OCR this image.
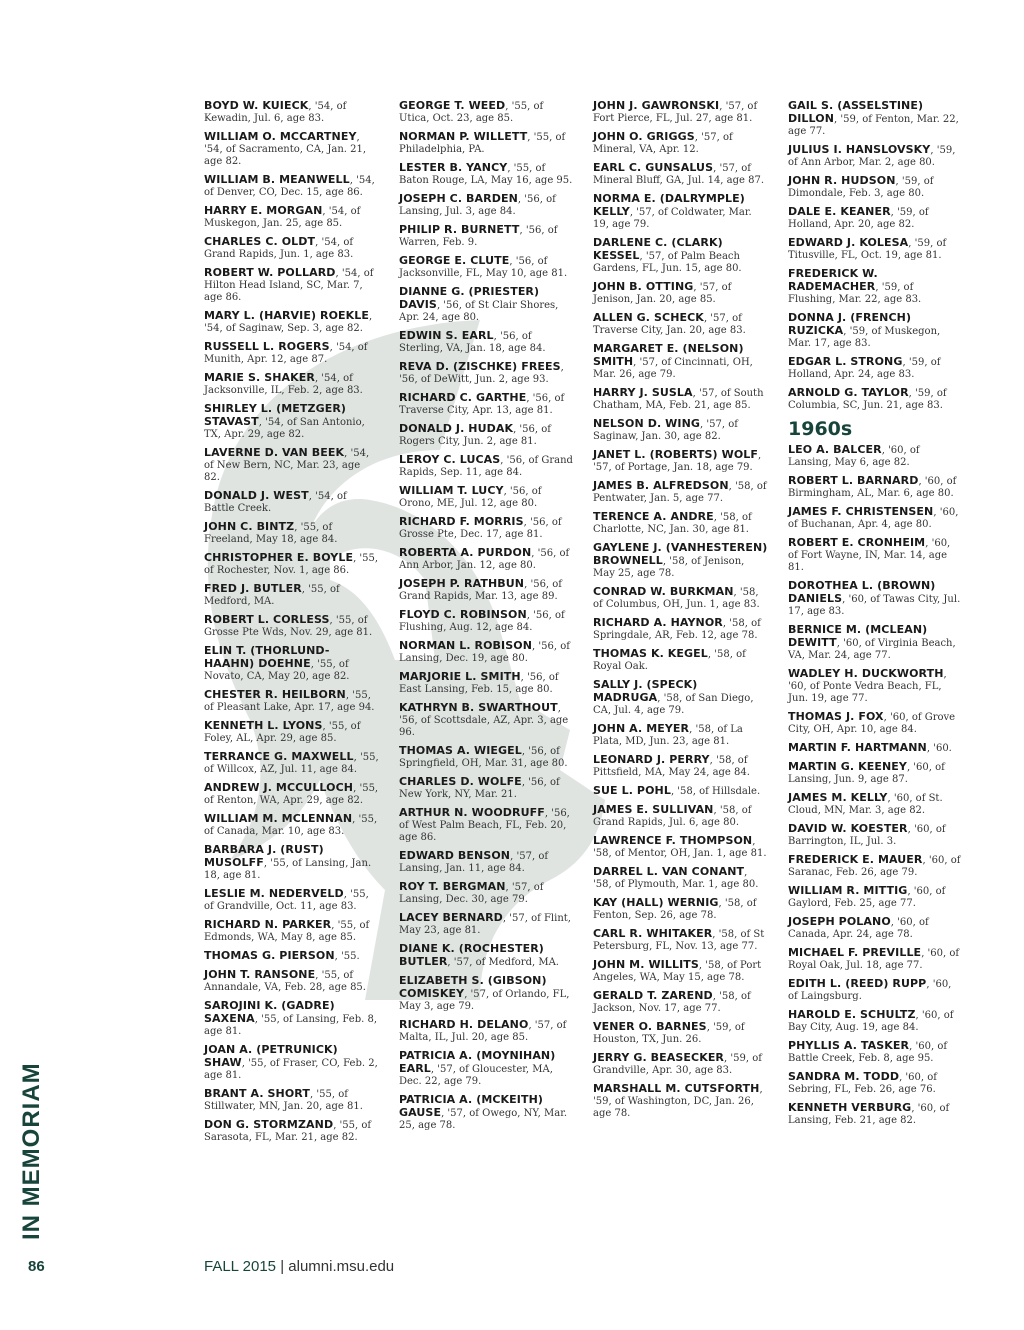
BOYD W. KUIECK, '54, of Kewadin, Jul. 6, age 83.
WILLIAM O. MCCARTNEY, '54, of Sacramento, CA, Jan. 21, age 82.
WILLIAM B. MEANWELL, '54, of Denver, CO, Dec. 15, age 86.
HARRY E. MORGAN, '54, of Muskegon, Jan. 25, age 85.
CHARLES C. OLDT, '54, of Grand Rapids, Jun. 1, age 83.
ROBERT W. POLLARD, '54, of Hilton Head Island, SC, Mar. 7, age 86.
MARY L. (HARVIE) ROEKLE, '54, of Saginaw, Sep. 3, age 82.
RUSSELL L. ROGERS, '54, of Munith, Apr. 12, age 87.
MARIE S. SHAKER, '54, of Jacksonville, IL, Feb. 2, age 83.
SHIRLEY L. (METZGER) STAVAST, '54, of San Antonio, TX, Apr. 29, age 82.
LAVERNE D. VAN BEEK, '54, of New Bern, NC, Mar. 23, age 82.
DONALD J. WEST, '54, of Battle Creek.
JOHN C. BINTZ, '55, of Freeland, May 18, age 84.
CHRISTOPHER E. BOYLE, '55, of Rochester, Nov. 1, age 86.
FRED J. BUTLER, '55, of Medford, MA.
ROBERT L. CORLESS, '55, of Grosse Pte Wds, Nov. 29, age 81.
ELIN T. (THORLUND-HAAHN) DOEHNE, '55, of Novato, CA, May 20, age 82.
CHESTER R. HEILBORN, '55, of Pleasant Lake, Apr. 17, age 94.
KENNETH L. LYONS, '55, of Foley, AL, Apr. 29, age 85.
TERRANCE G. MAXWELL, '55, of Willcox, AZ, Jul. 11, age 84.
ANDREW J. MCCULLOCH, '55, of Renton, WA, Apr. 29, age 82.
WILLIAM M. MCLENNAN, '55, of Canada, Mar. 10, age 83.
BARBARA J. (RUST) MUSOLFF, '55, of Lansing, Jan. 18, age 81.
LESLIE M. NEDERVELD, '55, of Grandville, Oct. 11, age 83.
RICHARD N. PARKER, '55, of Edmonds, WA, May 8, age 85.
THOMAS G. PIERSON, '55.
JOHN T. RANSONE, '55, of Annandale, VA, Feb. 28, age 85.
SAROJINI K. (GADRE) SAXENA, '55, of Lansing, Feb. 8, age 81.
JOAN A. (PETRUNICK) SHAW, '55, of Fraser, CO, Feb. 2, age 81.
BRANT A. SHORT, '55, of Stillwater, MN, Jan. 20, age 81.
DON G. STORMZAND, '55, of Sarasota, FL, Mar. 21, age 82.
GEORGE T. WEED, '55, of Utica, Oct. 23, age 85.
NORMAN P. WILLETT, '55, of Philadelphia, PA.
LESTER B. YANCY, '55, of Baton Rouge, LA, May 16, age 95.
JOSEPH C. BARDEN, '56, of Lansing, Jul. 3, age 84.
PHILIP R. BURNETT, '56, of Warren, Feb. 9.
GEORGE E. CLUTE, '56, of Jacksonville, FL, May 10, age 81.
DIANNE G. (PRIESTER) DAVIS, '56, of St Clair Shores, Apr. 24, age 80.
EDWIN S. EARL, '56, of Sterling, VA, Jan. 18, age 84.
REVA D. (ZISCHKE) FREES, '56, of DeWitt, Jun. 2, age 93.
RICHARD C. GARTHE, '56, of Traverse City, Apr. 13, age 81.
DONALD J. HUDAK, '56, of Rogers City, Jun. 2, age 81.
LEROY C. LUCAS, '56, of Grand Rapids, Sep. 11, age 84.
WILLIAM T. LUCY, '56, of Orono, ME, Jul. 12, age 80.
RICHARD F. MORRIS, '56, of Grosse Pte, Dec. 17, age 81.
ROBERTA A. PURDON, '56, of Ann Arbor, Jan. 12, age 80.
JOSEPH P. RATHBUN, '56, of Grand Rapids, Mar. 13, age 89.
FLOYD C. ROBINSON, '56, of Flushing, Aug. 12, age 84.
NORMAN L. ROBISON, '56, of Lansing, Dec. 19, age 80.
MARJORIE L. SMITH, '56, of East Lansing, Feb. 15, age 80.
KATHRYN B. SWARTHOUT, '56, of Scottsdale, AZ, Apr. 3, age 96.
THOMAS A. WIEGEL, '56, of Springfield, OH, Mar. 31, age 80.
CHARLES D. WOLFE, '56, of New York, NY, Mar. 21.
ARTHUR N. WOODRUFF, '56, of West Palm Beach, FL, Feb. 20, age 86.
EDWARD BENSON, '57, of Lansing, Jan. 11, age 84.
ROY T. BERGMAN, '57, of Lansing, Dec. 30, age 79.
LACEY BERNARD, '57, of Flint, May 23, age 81.
DIANE K. (ROCHESTER) BUTLER, '57, of Medford, MA.
ELIZABETH S. (GIBSON) COMISKEY, '57, of Orlando, FL, May 3, age 79.
RICHARD H. DELANO, '57, of Malta, IL, Jul. 20, age 85.
PATRICIA A. (MOYNIHAN) EARL, '57, of Gloucester, MA, Dec. 22, age 79.
PATRICIA A. (MCKEITH) GAUSE, '57, of Owego, NY, Mar. 25, age 78.
JOHN J. GAWRONSKI, '57, of Fort Pierce, FL, Jul. 27, age 81.
JOHN O. GRIGGS, '57, of Mineral, VA, Apr. 12.
EARL C. GUNSALUS, '57, of Mineral Bluff, GA, Jul. 14, age 87.
NORMA E. (DALRYMPLE) KELLY, '57, of Coldwater, Mar. 19, age 79.
DARLENE C. (CLARK) KESSEL, '57, of Palm Beach Gardens, FL, Jun. 15, age 80.
JOHN B. OTTING, '57, of Jenison, Jan. 20, age 85.
ALLEN G. SCHECK, '57, of Traverse City, Jan. 20, age 83.
MARGARET E. (NELSON) SMITH, '57, of Cincinnati, OH, Mar. 26, age 79.
HARRY J. SUSLA, '57, of South Chatham, MA, Feb. 21, age 85.
NELSON D. WING, '57, of Saginaw, Jan. 30, age 82.
JANET L. (ROBERTS) WOLF, '57, of Portage, Jan. 18, age 79.
JAMES B. ALFREDSON, '58, of Pentwater, Jan. 5, age 77.
TERENCE A. ANDRE, '58, of Charlotte, NC, Jan. 30, age 81.
GAYLENE J. (VANHESTEREN) BROWNELL, '58, of Jenison, May 25, age 78.
CONRAD W. BURKMAN, '58, of Columbus, OH, Jun. 1, age 83.
RICHARD A. HAYNOR, '58, of Springdale, AR, Feb. 12, age 78.
THOMAS K. KEGEL, '58, of Royal Oak.
SALLY J. (SPECK) MADRUGA, '58, of San Diego, CA, Jul. 4, age 79.
JOHN A. MEYER, '58, of La Plata, MD, Jun. 23, age 81.
LEONARD J. PERRY, '58, of Pittsfield, MA, May 24, age 84.
SUE L. POHL, '58, of Hillsdale.
JAMES E. SULLIVAN, '58, of Grand Rapids, Jul. 6, age 80.
LAWRENCE F. THOMPSON, '58, of Mentor, OH, Jan. 1, age 81.
DARREL L. VAN CONANT, '58, of Plymouth, Mar. 1, age 80.
KAY (HALL) WERNIG, '58, of Fenton, Sep. 26, age 78.
CARL R. WHITAKER, '58, of St Petersburg, FL, Nov. 13, age 77.
JOHN M. WILLITS, '58, of Port Angeles, WA, May 15, age 78.
GERALD T. ZAREND, '58, of Jackson, Nov. 17, age 77.
VENER O. BARNES, '59, of Houston, TX, Jun. 26.
JERRY G. BEASECKER, '59, of Grandville, Apr. 30, age 83.
MARSHALL M. CUTSFORTH, '59, of Washington, DC, Jan. 26, age 78.
GAIL S. (ASSELSTINE) DILLON, '59, of Fenton, Mar. 22, age 77.
JULIUS I. HANSLOVSKY, '59, of Ann Arbor, Mar. 2, age 80.
JOHN R. HUDSON, '59, of Dimondale, Feb. 3, age 80.
DALE E. KEANER, '59, of Holland, Apr. 20, age 82.
EDWARD J. KOLESA, '59, of Titusville, FL, Oct. 19, age 81.
FREDERICK W. RADEMACHER, '59, of Flushing, Mar. 22, age 83.
DONNA J. (FRENCH) RUZICKA, '59, of Muskegon, Mar. 17, age 83.
EDGAR L. STRONG, '59, of Holland, Apr. 24, age 83.
ARNOLD G. TAYLOR, '59, of Columbia, SC, Jun. 21, age 83.
1960s
LEO A. BALCER, '60, of Lansing, May 6, age 82.
ROBERT L. BARNARD, '60, of Birmingham, AL, Mar. 6, age 80.
JAMES F. CHRISTENSEN, '60, of Buchanan, Apr. 4, age 80.
ROBERT E. CRONHEIM, '60, of Fort Wayne, IN, Mar. 14, age 81.
DOROTHEA L. (BROWN) DANIELS, '60, of Tawas City, Jul. 17, age 83.
BERNICE M. (MCLEAN) DEWITT, '60, of Virginia Beach, VA, Mar. 24, age 77.
WADLEY H. DUCKWORTH, '60, of Ponte Vedra Beach, FL, Jun. 19, age 77.
THOMAS J. FOX, '60, of Grove City, OH, Apr. 10, age 84.
MARTIN F. HARTMANN, '60.
MARTIN G. KEENEY, '60, of Lansing, Jun. 9, age 87.
JAMES M. KELLY, '60, of St. Cloud, MN, Mar. 3, age 82.
DAVID W. KOESTER, '60, of Barrington, IL, Jul. 3.
FREDERICK E. MAUER, '60, of Saranac, Feb. 26, age 79.
WILLIAM R. MITTIG, '60, of Gaylord, Feb. 25, age 77.
JOSEPH POLANO, '60, of Canada, Apr. 24, age 78.
MICHAEL F. PREVILLE, '60, of Royal Oak, Jul. 18, age 77.
EDITH L. (REED) RUPP, '60, of Laingsburg.
HAROLD E. SCHULTZ, '60, of Bay City, Aug. 19, age 84.
PHYLLIS A. TASKER, '60, of Battle Creek, Feb. 8, age 95.
SANDRA M. TODD, '60, of Sebring, FL, Feb. 26, age 76.
KENNETH VERBURG, '60, of Lansing, Feb. 21, age 82.
IN MEMORIAM
86	FALL 2015 | alumni.msu.edu
